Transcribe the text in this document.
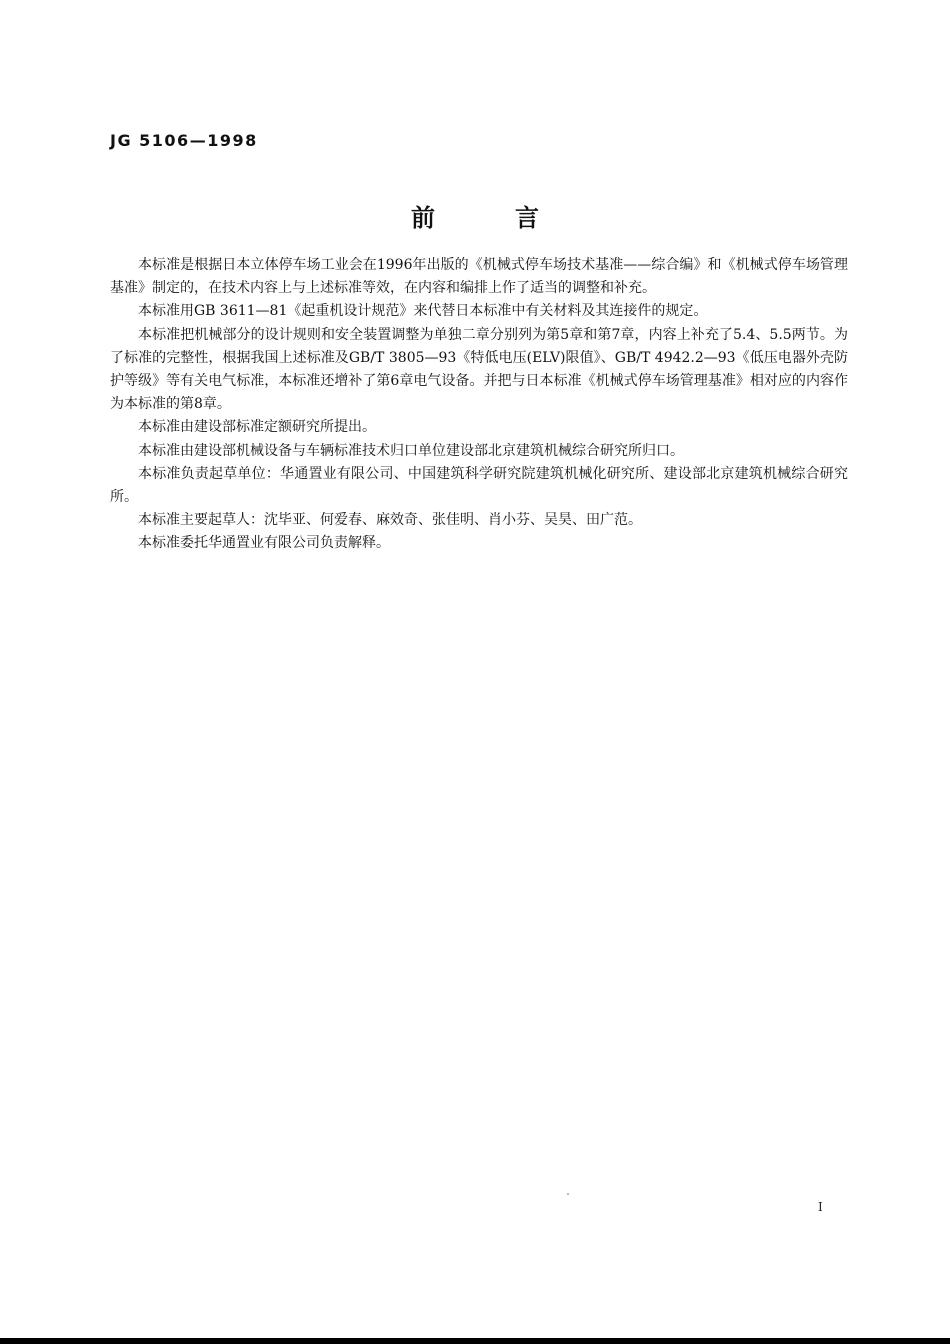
JG 5106—1998
前	言

本标准是根据日本立体停车场工业会在1996年出版的《机械式停车场技术基准——综合编》和《机械式停车场管理基准》制定的，在技术内容上与上述标准等效，在内容和编排上作了适当的调整和补充。

本标准用GB 3611—81《起重机设计规范》来代替日本标准中有关材料及其连接件的规定。

本标准把机械部分的设计规则和安全装置调整为单独二章分别列为第5章和第7章，内容上补充了5.4、5.5两节。为了标准的完整性，根据我国上述标准及GB/T 3805—93《特低电压(ELV)限值》、GB/T 4942.2—93《低压电器外壳防护等级》等有关电气标准，本标准还增补了第6章电气设备。并把与日本标准《机械式停车场管理基准》相对应的内容作为本标准的第8章。

本标准由建设部标准定额研究所提出。

本标准由建设部机械设备与车辆标准技术归口单位建设部北京建筑机械综合研究所归口。

本标准负责起草单位：华通置业有限公司、中国建筑科学研究院建筑机械化研究所、建设部北京建筑机械综合研究所。

本标准主要起草人：沈毕亚、何爱春、麻效奇、张佳明、肖小芬、吴昊、田广范。

本标准委托华通置业有限公司负责解释。

I
